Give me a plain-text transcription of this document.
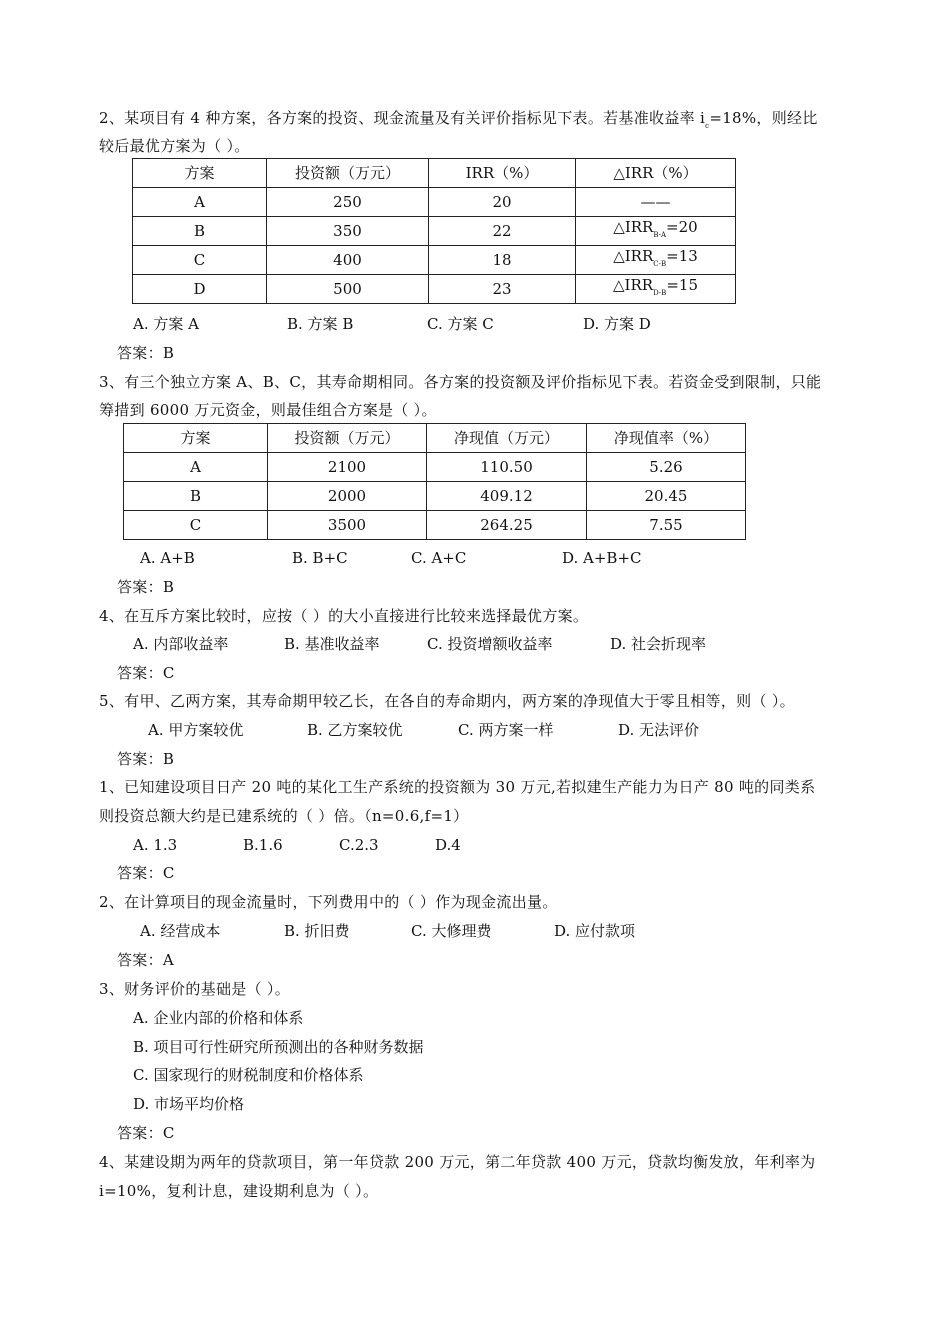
2、某项目有 4 种方案，各方案的投资、现金流量及有关评价指标见下表。若基准收益率 $i_c=18\%$，则经比
较后最优方案为（ ）。
方案	投资额（万元）	IRR（%）	△IRR（%）
A	250	20	——
B	350	22	$\triangle IRR_{B-A}=20$
C	400	18	$\triangle IRR_{C-B}=13$
D	500	23	$\triangle IRR_{D-B}=15$
A. 方案 A	B. 方案 B	C. 方案 C	D. 方案 D
答案：B
3、有三个独立方案 A、B、C，其寿命期相同。各方案的投资额及评价指标见下表。若资金受到限制，只能
筹措到 6000 万元资金，则最佳组合方案是（ ）。
方案	投资额（万元）	净现值（万元）	净现值率（%）
A	2100	110.50	5.26
B	2000	409.12	20.45
C	3500	264.25	7.55
A. A+B	B. B+C	C. A+C	D. A+B+C
答案：B
4、在互斥方案比较时，应按（ ）的大小直接进行比较来选择最优方案。
A. 内部收益率	B. 基准收益率	C. 投资增额收益率	D. 社会折现率
答案：C
5、有甲、乙两方案，其寿命期甲较乙长，在各自的寿命期内，两方案的净现值大于零且相等，则（ ）。
A. 甲方案较优	B. 乙方案较优	C. 两方案一样	D. 无法评价
答案：B
1、已知建设项目日产 20 吨的某化工生产系统的投资额为 30 万元,若拟建生产能力为日产 80 吨的同类系
则投资总额大约是已建系统的（ ）倍。（n=0.6,f=1）
A. 1.3	B.1.6	C.2.3	D.4
答案：C
2、在计算项目的现金流量时，下列费用中的（ ）作为现金流出量。
A. 经营成本	B. 折旧费	C. 大修理费	D. 应付款项
答案：A
3、财务评价的基础是（ ）。
A. 企业内部的价格和体系
B. 项目可行性研究所预测出的各种财务数据
C. 国家现行的财税制度和价格体系
D. 市场平均价格
答案：C
4、某建设期为两年的贷款项目，第一年贷款 200 万元，第二年贷款 400 万元，贷款均衡发放，年利率为
i=10%，复利计息，建设期利息为（ ）。
